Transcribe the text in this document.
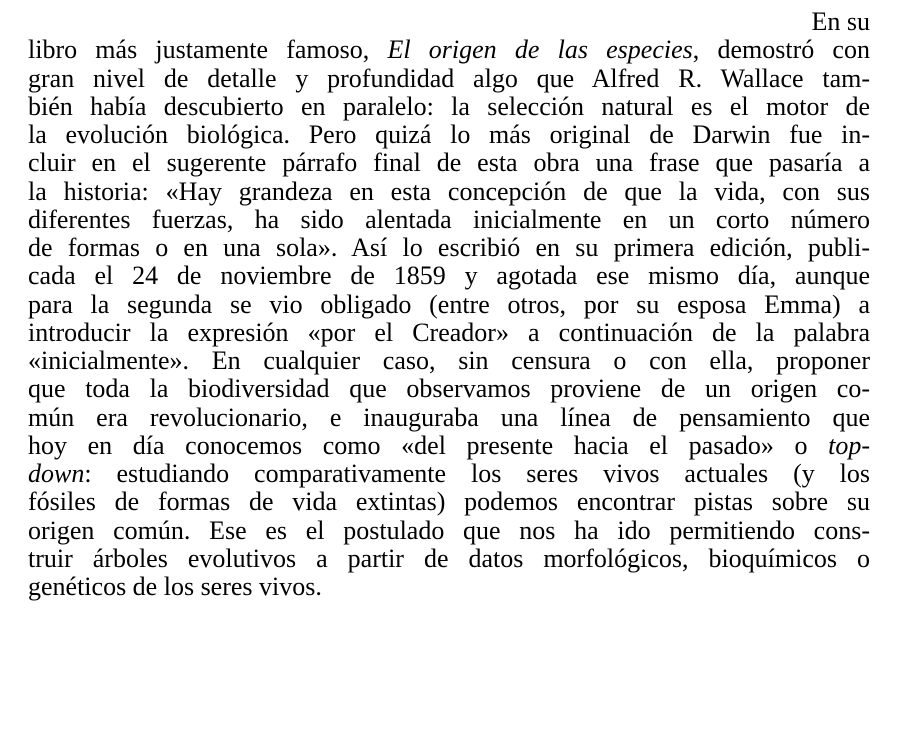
En su
libro más justamente famoso, El origen de las especies, demostró con
gran nivel de detalle y profundidad algo que Alfred R. Wallace tam-
bién había descubierto en paralelo: la selección natural es el motor de
la evolución biológica. Pero quizá lo más original de Darwin fue in-
cluir en el sugerente párrafo final de esta obra una frase que pasaría a
la historia: «Hay grandeza en esta concepción de que la vida, con sus
diferentes fuerzas, ha sido alentada inicialmente en un corto número
de formas o en una sola». Así lo escribió en su primera edición, publi-
cada el 24 de noviembre de 1859 y agotada ese mismo día, aunque
para la segunda se vio obligado (entre otros, por su esposa Emma) a
introducir la expresión «por el Creador» a continuación de la palabra
«inicialmente». En cualquier caso, sin censura o con ella, proponer
que toda la biodiversidad que observamos proviene de un origen co-
mún era revolucionario, e inauguraba una línea de pensamiento que
hoy en día conocemos como «del presente hacia el pasado» o top-
down: estudiando comparativamente los seres vivos actuales (y los
fósiles de formas de vida extintas) podemos encontrar pistas sobre su
origen común. Ese es el postulado que nos ha ido permitiendo cons-
truir árboles evolutivos a partir de datos morfológicos, bioquímicos o
genéticos de los seres vivos.
